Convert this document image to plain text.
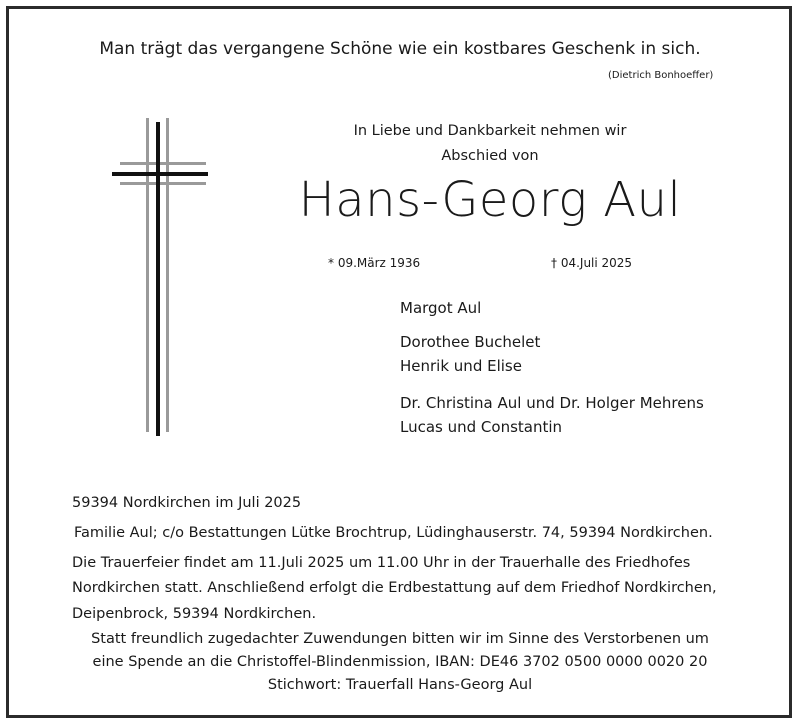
Man trägt das vergangene Schöne wie ein kostbares Geschenk in sich.
(Dietrich Bonhoeffer)
In Liebe und Dankbarkeit nehmen wir
Abschied von
Hans-Georg Aul
* 09.März 1936	† 04.Juli 2025
Margot Aul
Dorothee Buchelet
Henrik und Elise
Dr. Christina Aul und Dr. Holger Mehrens
Lucas und Constantin
59394 Nordkirchen im Juli 2025
Familie Aul; c/o Bestattungen Lütke Brochtrup, Lüdinghauserstr. 74, 59394 Nordkirchen.
Die Trauerfeier findet am 11.Juli 2025 um 11.00 Uhr in der Trauerhalle des Friedhofes
Nordkirchen statt. Anschließend erfolgt die Erdbestattung auf dem Friedhof Nordkirchen,
Deipenbrock, 59394 Nordkirchen.
Statt freundlich zugedachter Zuwendungen bitten wir im Sinne des Verstorbenen um
eine Spende an die Christoffel-Blindenmission, IBAN: DE46 3702 0500 0000 0020 20
Stichwort: Trauerfall Hans-Georg Aul
